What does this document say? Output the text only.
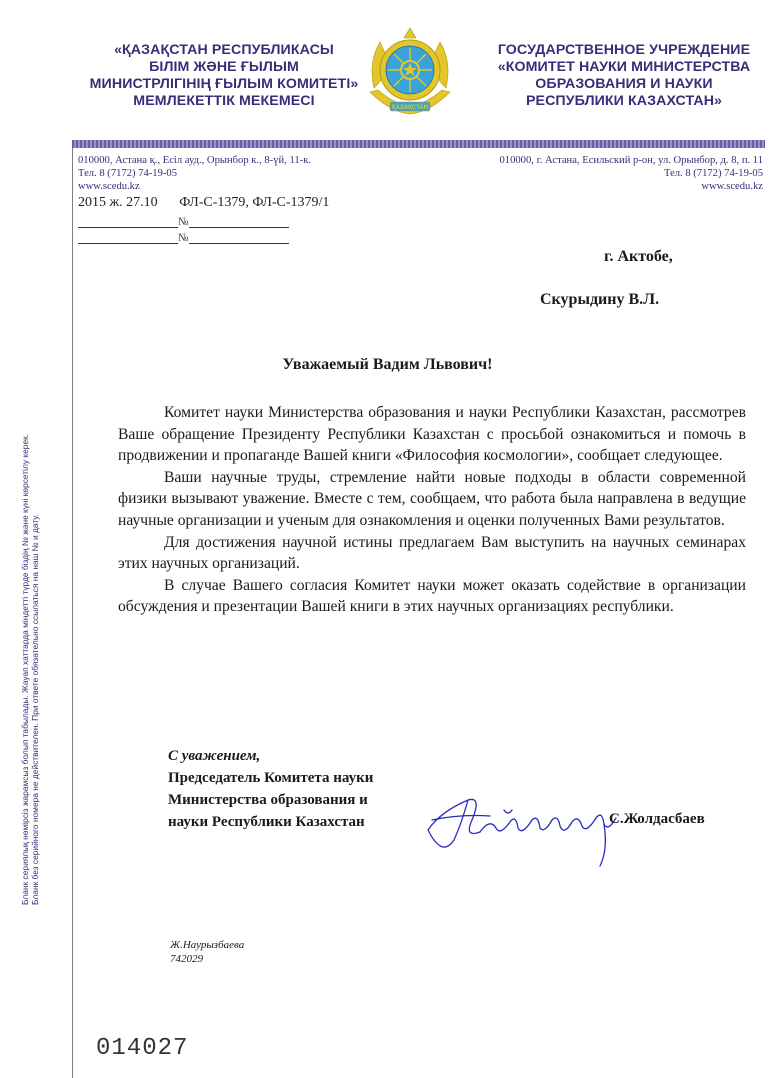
«ҚАЗАҚСТАН РЕСПУБЛИКАСЫ
БІЛІМ ЖӘНЕ ҒЫЛЫМ
МИНИСТРЛІГІНІҢ ҒЫЛЫМ КОМИТЕТІ»
МЕМЛЕКЕТТІК МЕКЕМЕСІ	ҚАЗАҚСТАН
ГОСУДАРСТВЕННОЕ УЧРЕЖДЕНИЕ
«КОМИТЕТ НАУКИ МИНИСТЕРСТВА
ОБРАЗОВАНИЯ И НАУКИ
РЕСПУБЛИКИ КАЗАХСТАН»
010000, Астана қ., Есіл ауд., Орынбор к., 8-үй, 11-к.
Тел. 8 (7172) 74-19-05
www.scedu.kz
010000, г. Астана, Есильский р-он, ул. Орынбор, д. 8, п. 11
Тел. 8 (7172) 74-19-05
www.scedu.kz
2015 ж. 27.10 ФЛ-С-1379, ФЛ-С-1379/1
№
№
Бланк сериялық нөмірсіз жарамсыз болып табылады. Жауап хаттарда міндетті түрде біздің № және күні көрсетілу керек. Бланк без серийного номера не действителен. При ответе обязательно ссылаться на наш № и дату.
г. Актобе,
Скурыдину В.Л.
Уважаемый Вадим Львович!

Комитет науки Министерства образования и науки Республики Казахстан, рассмотрев Ваше обращение Президенту Республики Казахстан с просьбой ознакомиться и помочь в продвижении и пропаганде Вашей книги «Философия космологии», сообщает следующее.

Ваши научные труды, стремление найти новые подходы в области современной физики вызывают уважение. Вместе с тем, сообщаем, что работа была направлена в ведущие научные организации и ученым для ознакомления и оценки полученных Вами результатов.

Для достижения научной истины предлагаем Вам выступить на научных семинарах этих научных организаций.

В случае Вашего согласия Комитет науки может оказать содействие в организации обсуждения и презентации Вашей книги в этих научных организациях республики.

С уважением,
Председатель Комитета науки
Министерства образования и
науки Республики Казахстан	С.Жолдасбаев
Ж.Наурызбаева
742029
014027
